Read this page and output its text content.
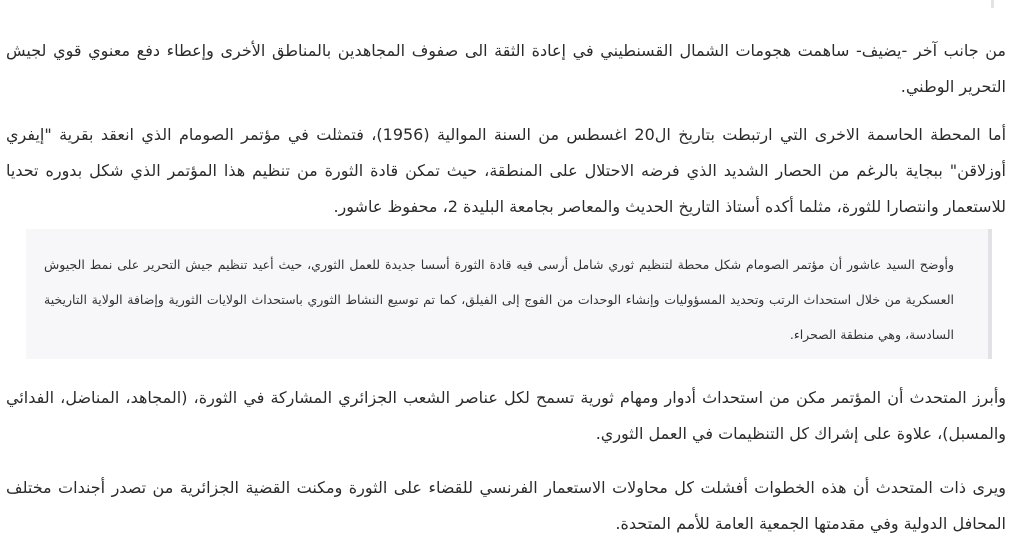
من جانب آخر -يضيف- ساهمت هجومات الشمال القسنطيني في إعادة الثقة الى صفوف المجاهدين بالمناطق الأخرى وإعطاء دفع معنوي قوي لجيش التحرير الوطني.

أما المحطة الحاسمة الاخرى التي ارتبطت بتاريخ ال20 اغسطس من السنة الموالية (1956)، فتمثلت في مؤتمر الصومام الذي انعقد بقرية "إيفري أوزلاقن" ببجاية بالرغم من الحصار الشديد الذي فرضه الاحتلال على المنطقة، حيث تمكن قادة الثورة من تنظيم هذا المؤتمر الذي شكل بدوره تحديا للاستعمار وانتصارا للثورة، مثلما أكده أستاذ التاريخ الحديث والمعاصر بجامعة البليدة 2، محفوظ عاشور.

وأوضح السيد عاشور أن مؤتمر الصومام شكل محطة لتنظيم ثوري شامل أرسى فيه قادة الثورة أسسا جديدة للعمل الثوري، حيث أعيد تنظيم جيش التحرير على نمط الجيوش العسكرية من خلال استحداث الرتب وتحديد المسؤوليات وإنشاء الوحدات من الفوج إلى الفيلق، كما تم توسيع النشاط الثوري باستحداث الولايات الثورية وإضافة الولاية التاريخية السادسة، وهي منطقة الصحراء.

وأبرز المتحدث أن المؤتمر مكن من استحداث أدوار ومهام ثورية تسمح لكل عناصر الشعب الجزائري المشاركة في الثورة، (المجاهد، المناضل، الفدائي والمسبل)، علاوة على إشراك كل التنظيمات في العمل الثوري.

ويرى ذات المتحدث أن هذه الخطوات أفشلت كل محاولات الاستعمار الفرنسي للقضاء على الثورة ومكنت القضية الجزائرية من تصدر أجندات مختلف المحافل الدولية وفي مقدمتها الجمعية العامة للأمم المتحدة.
